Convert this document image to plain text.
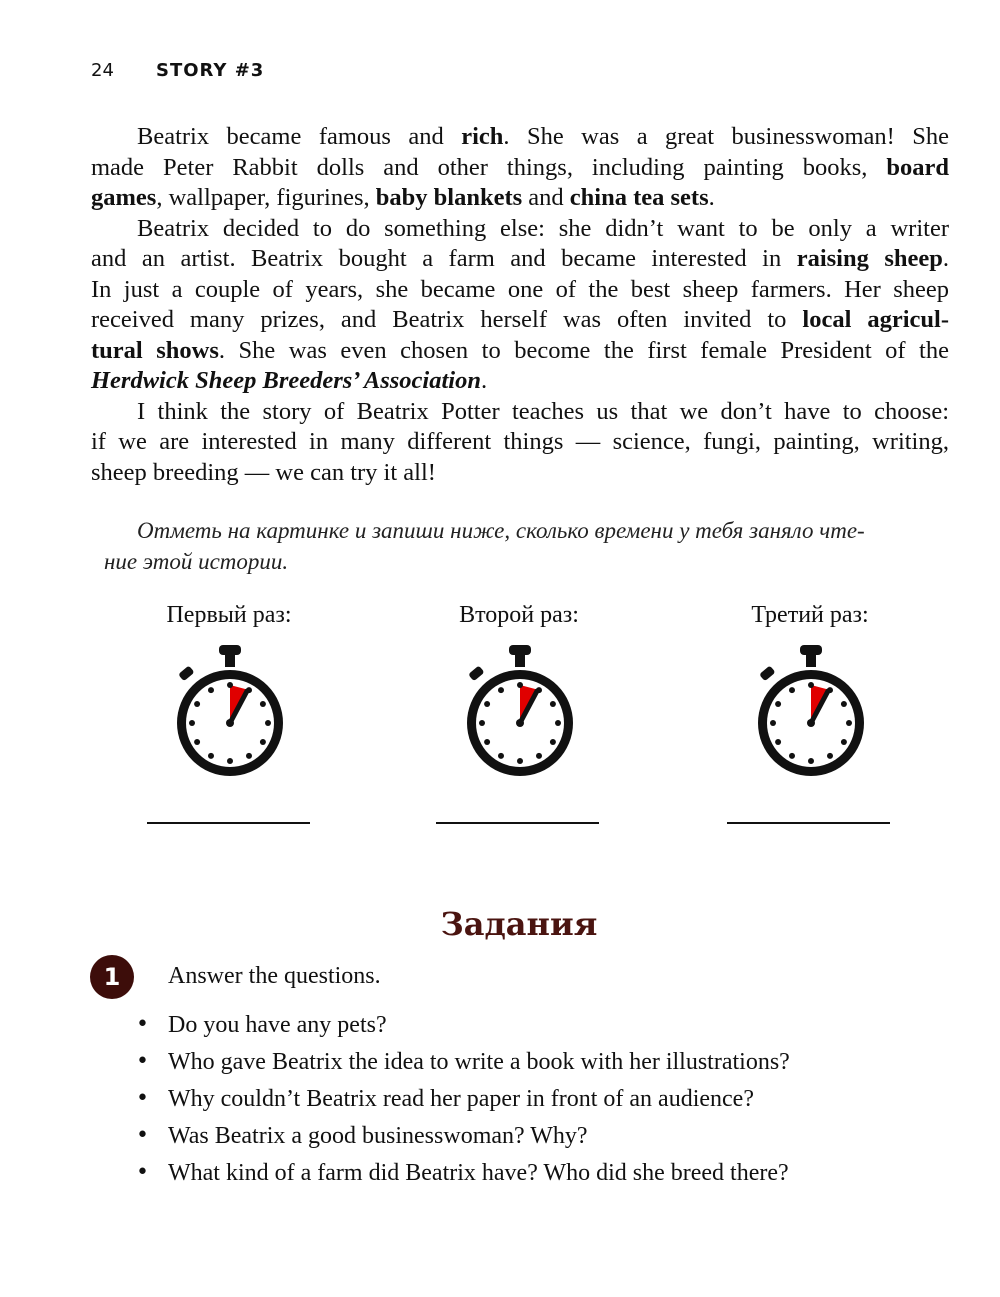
24 STORY #3
Beatrix became famous and rich. She was a great businesswoman! She
made Peter Rabbit dolls and other things, including painting books, board
games, wallpaper, figurines, baby blankets and china tea sets.
Beatrix decided to do something else: she didn’t want to be only a writer
and an artist. Beatrix bought a farm and became interested in raising sheep.
In just a couple of years, she became one of the best sheep farmers. Her sheep
received many prizes, and Beatrix herself was often invited to local agricul-
tural shows. She was even chosen to become the first female President of the
Herdwick Sheep Breeders’ Association.
I think the story of Beatrix Potter teaches us that we don’t have to choose:
if we are interested in many different things — science, fungi, painting, writing,
sheep breeding — we can try it all!
Отметь на картинке и запиши ниже, сколько времени у тебя заняло чте-
ние этой истории.
Первый раз:	Второй раз:	Третий раз:
Задания
1	Answer the questions.
• Do you have any pets?
• Who gave Beatrix the idea to write a book with her illustrations?
• Why couldn’t Beatrix read her paper in front of an audience?
• Was Beatrix a good businesswoman? Why?
• What kind of a farm did Beatrix have? Who did she breed there?
